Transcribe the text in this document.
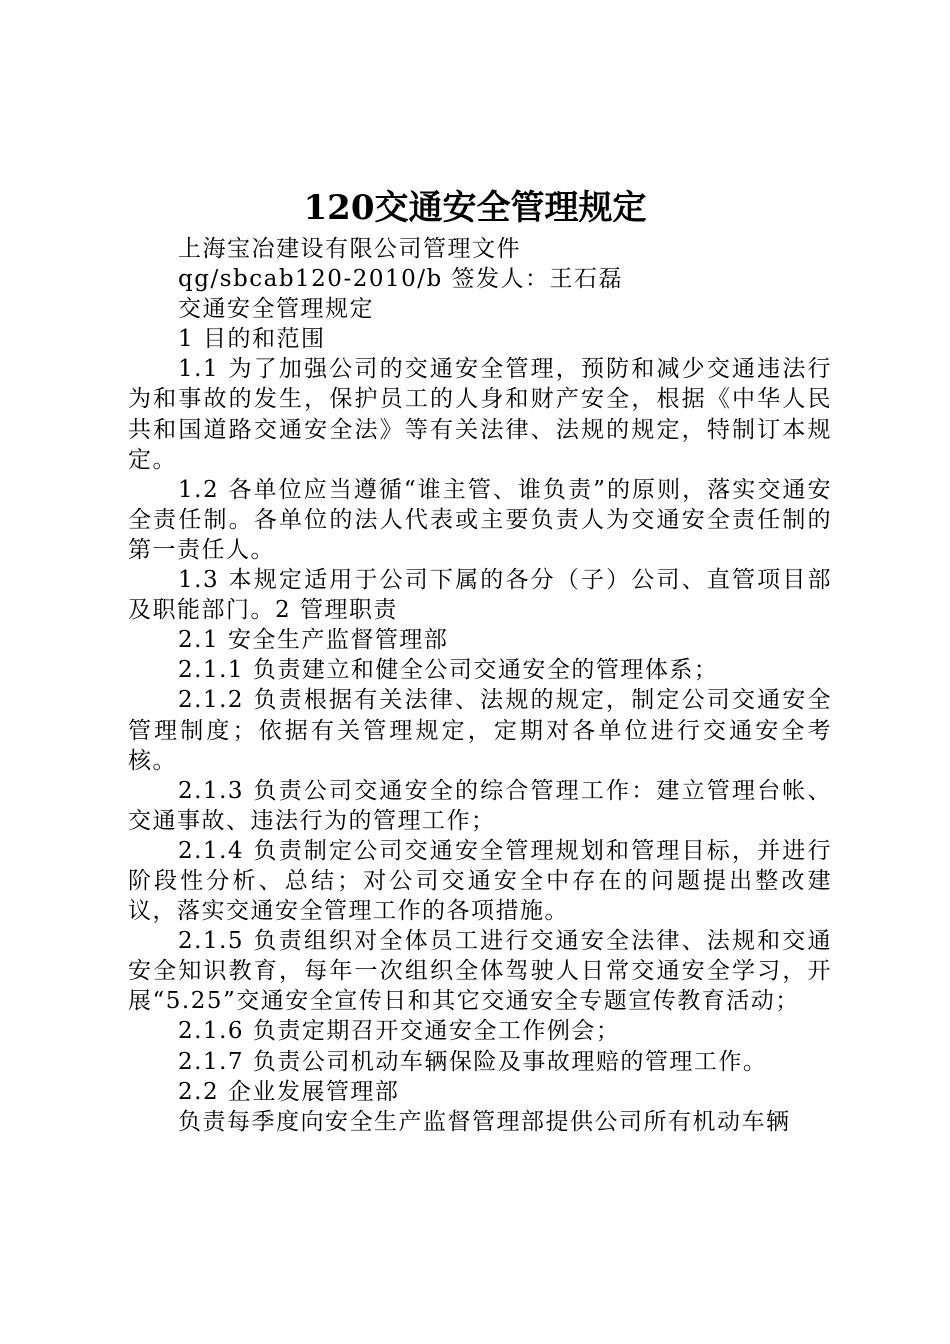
120交通安全管理规定

上海宝冶建设有限公司管理文件

qg/sbcab120-2010/b 签发人：王石磊

交通安全管理规定

1 目的和范围

1.1 为了加强公司的交通安全管理，预防和减少交通违法行为和事故的发生，保护员工的人身和财产安全，根据《中华人民共和国道路交通安全法》等有关法律、法规的规定，特制订本规定。

1.2 各单位应当遵循“谁主管、谁负责”的原则，落实交通安全责任制。各单位的法人代表或主要负责人为交通安全责任制的第一责任人。

1.3 本规定适用于公司下属的各分（子）公司、直管项目部及职能部门。2 管理职责

2.1 安全生产监督管理部

2.1.1 负责建立和健全公司交通安全的管理体系；

2.1.2 负责根据有关法律、法规的规定，制定公司交通安全管理制度；依据有关管理规定，定期对各单位进行交通安全考核。

2.1.3 负责公司交通安全的综合管理工作：建立管理台帐、交通事故、违法行为的管理工作；

2.1.4 负责制定公司交通安全管理规划和管理目标，并进行阶段性分析、总结；对公司交通安全中存在的问题提出整改建议，落实交通安全管理工作的各项措施。

2.1.5 负责组织对全体员工进行交通安全法律、法规和交通安全知识教育，每年一次组织全体驾驶人日常交通安全学习，开展“5.25”交通安全宣传日和其它交通安全专题宣传教育活动；

2.1.6 负责定期召开交通安全工作例会；

2.1.7 负责公司机动车辆保险及事故理赔的管理工作。

2.2 企业发展管理部

负责每季度向安全生产监督管理部提供公司所有机动车辆
